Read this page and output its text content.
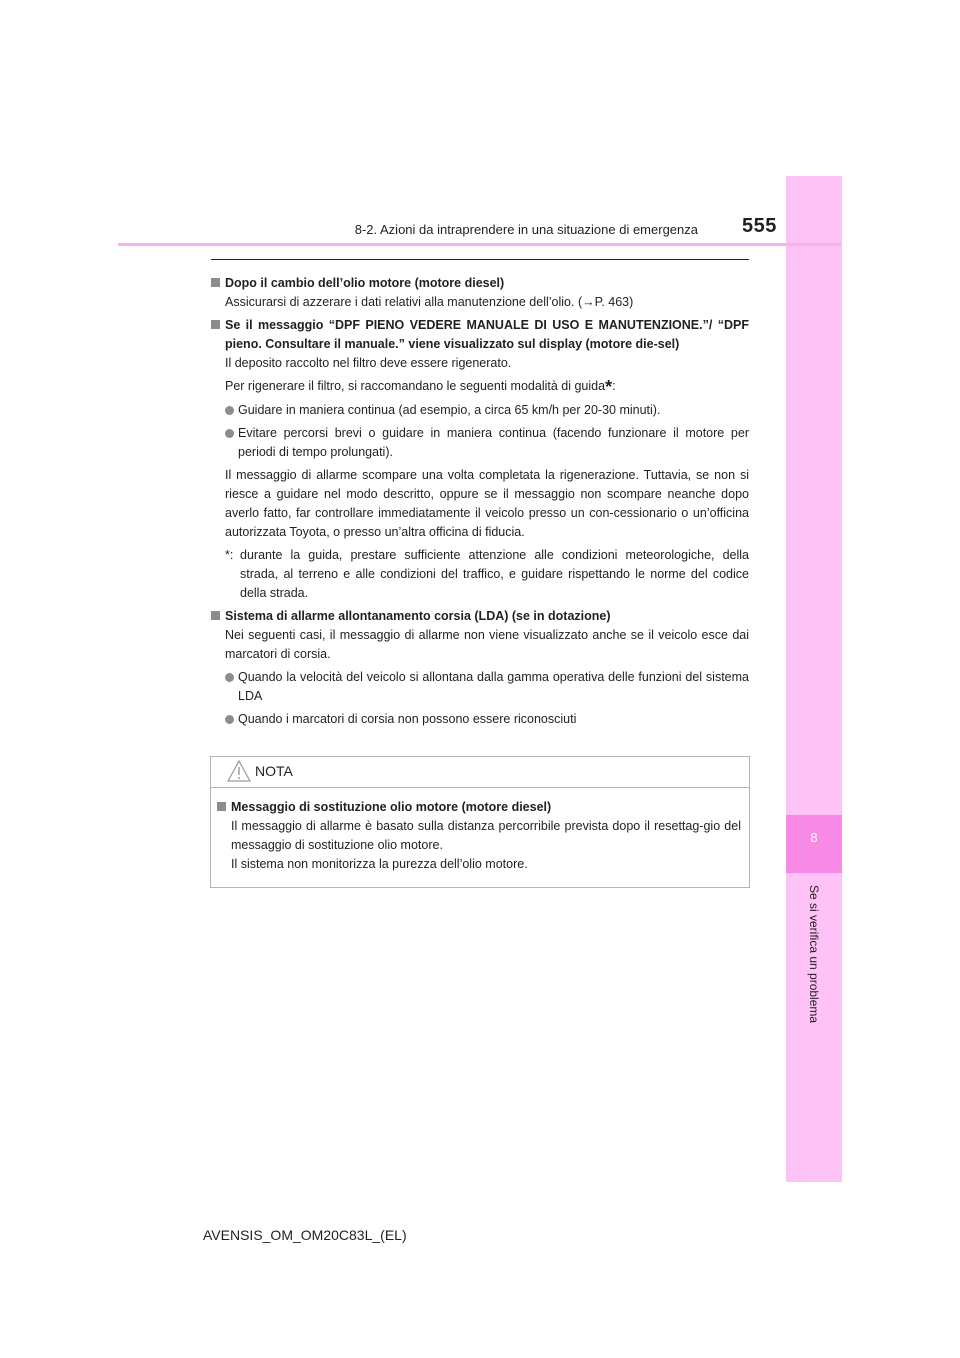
8
Se si verifica un problema
8-2. Azioni da intraprendere in una situazione di emergenza 555
Dopo il cambio dell’olio motore (motore diesel)
Assicurarsi di azzerare i dati relativi alla manutenzione dell’olio. (→P. 463)
Se il messaggio “DPF PIENO VEDERE MANUALE DI USO E MANUTENZIONE.”/ “DPF pieno. Consultare il manuale.” viene visualizzato sul display (motore die-sel)
Il deposito raccolto nel filtro deve essere rigenerato.
Per rigenerare il filtro, si raccomandano le seguenti modalità di guida*:
Guidare in maniera continua (ad esempio, a circa 65 km/h per 20-30 minuti).
Evitare percorsi brevi o guidare in maniera continua (facendo funzionare il motore per periodi di tempo prolungati).
Il messaggio di allarme scompare una volta completata la rigenerazione. Tuttavia, se non si riesce a guidare nel modo descritto, oppure se il messaggio non scompare neanche dopo averlo fatto, far controllare immediatamente il veicolo presso un con-cessionario o un’officina autorizzata Toyota, o presso un’altra officina di fiducia.
*: durante la guida, prestare sufficiente attenzione alle condizioni meteorologiche, della strada, al terreno e alle condizioni del traffico, e guidare rispettando le norme del codice della strada.
Sistema di allarme allontanamento corsia (LDA) (se in dotazione)
Nei seguenti casi, il messaggio di allarme non viene visualizzato anche se il veicolo esce dai marcatori di corsia.
Quando la velocità del veicolo si allontana dalla gamma operativa delle funzioni del sistema LDA
Quando i marcatori di corsia non possono essere riconosciuti
NOTA
Messaggio di sostituzione olio motore (motore diesel)
Il messaggio di allarme è basato sulla distanza percorribile prevista dopo il resettag-gio del messaggio di sostituzione olio motore.
Il sistema non monitorizza la purezza dell’olio motore.
AVENSIS_OM_OM20C83L_(EL)
